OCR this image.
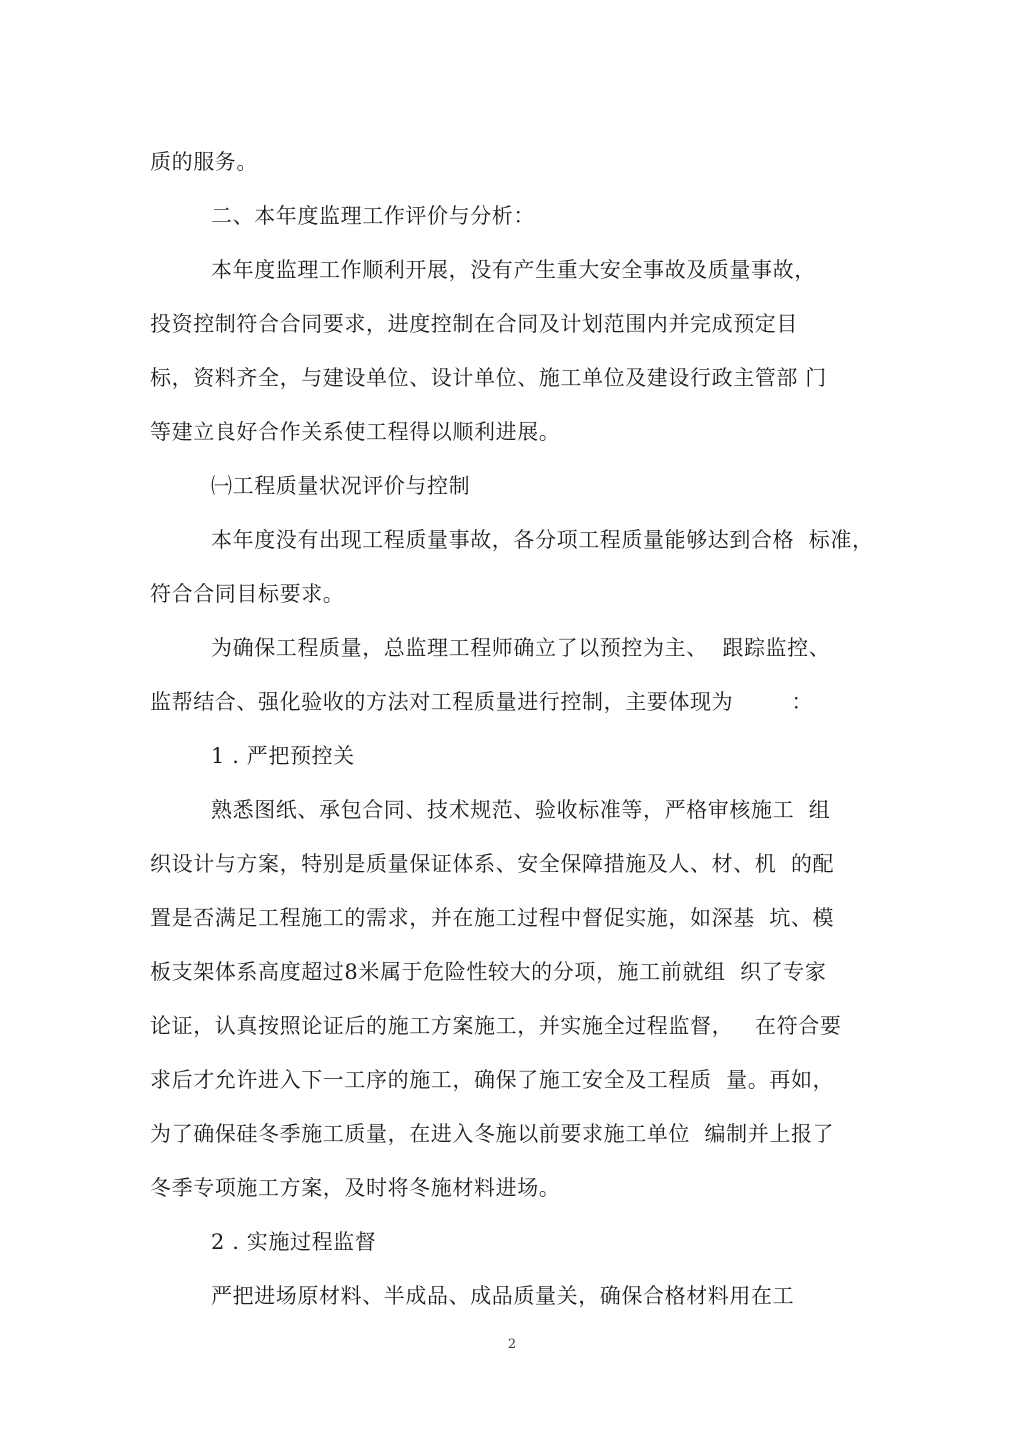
质的服务。
二、本年度监理工作评价与分析：
本年度监理工作顺利开展，没有产生重大安全事故及质量事故，
投资控制符合合同要求，进度控制在合同及计划范围内并完成预定目
标，资料齐全，与建设单位、设计单位、施工单位及建设行政主管部 门
等建立良好合作关系使工程得以顺利进展。
㈠工程质量状况评价与控制
本年度没有出现工程质量事故，各分项工程质量能够达到合格  标准，
符合合同目标要求。
为确保工程质量，总监理工程师确立了以预控为主、  跟踪监控、
监帮结合、强化验收的方法对工程质量进行控制，主要体现为        ：
1 . 严把预控关
熟悉图纸、承包合同、技术规范、验收标准等，严格审核施工  组
织设计与方案，特别是质量保证体系、安全保障措施及人、材、机  的配
置是否满足工程施工的需求，并在施工过程中督促实施，如深基  坑、模
板支架体系高度超过8米属于危险性较大的分项，施工前就组  织了专家
论证，认真按照论证后的施工方案施工，并实施全过程监督，   在符合要
求后才允许进入下一工序的施工，确保了施工安全及工程质  量。再如，
为了确保硅冬季施工质量，在进入冬施以前要求施工单位  编制并上报了
冬季专项施工方案，及时将冬施材料进场。
2 . 实施过程监督
严把进场原材料、半成品、成品质量关，确保合格材料用在工
2
